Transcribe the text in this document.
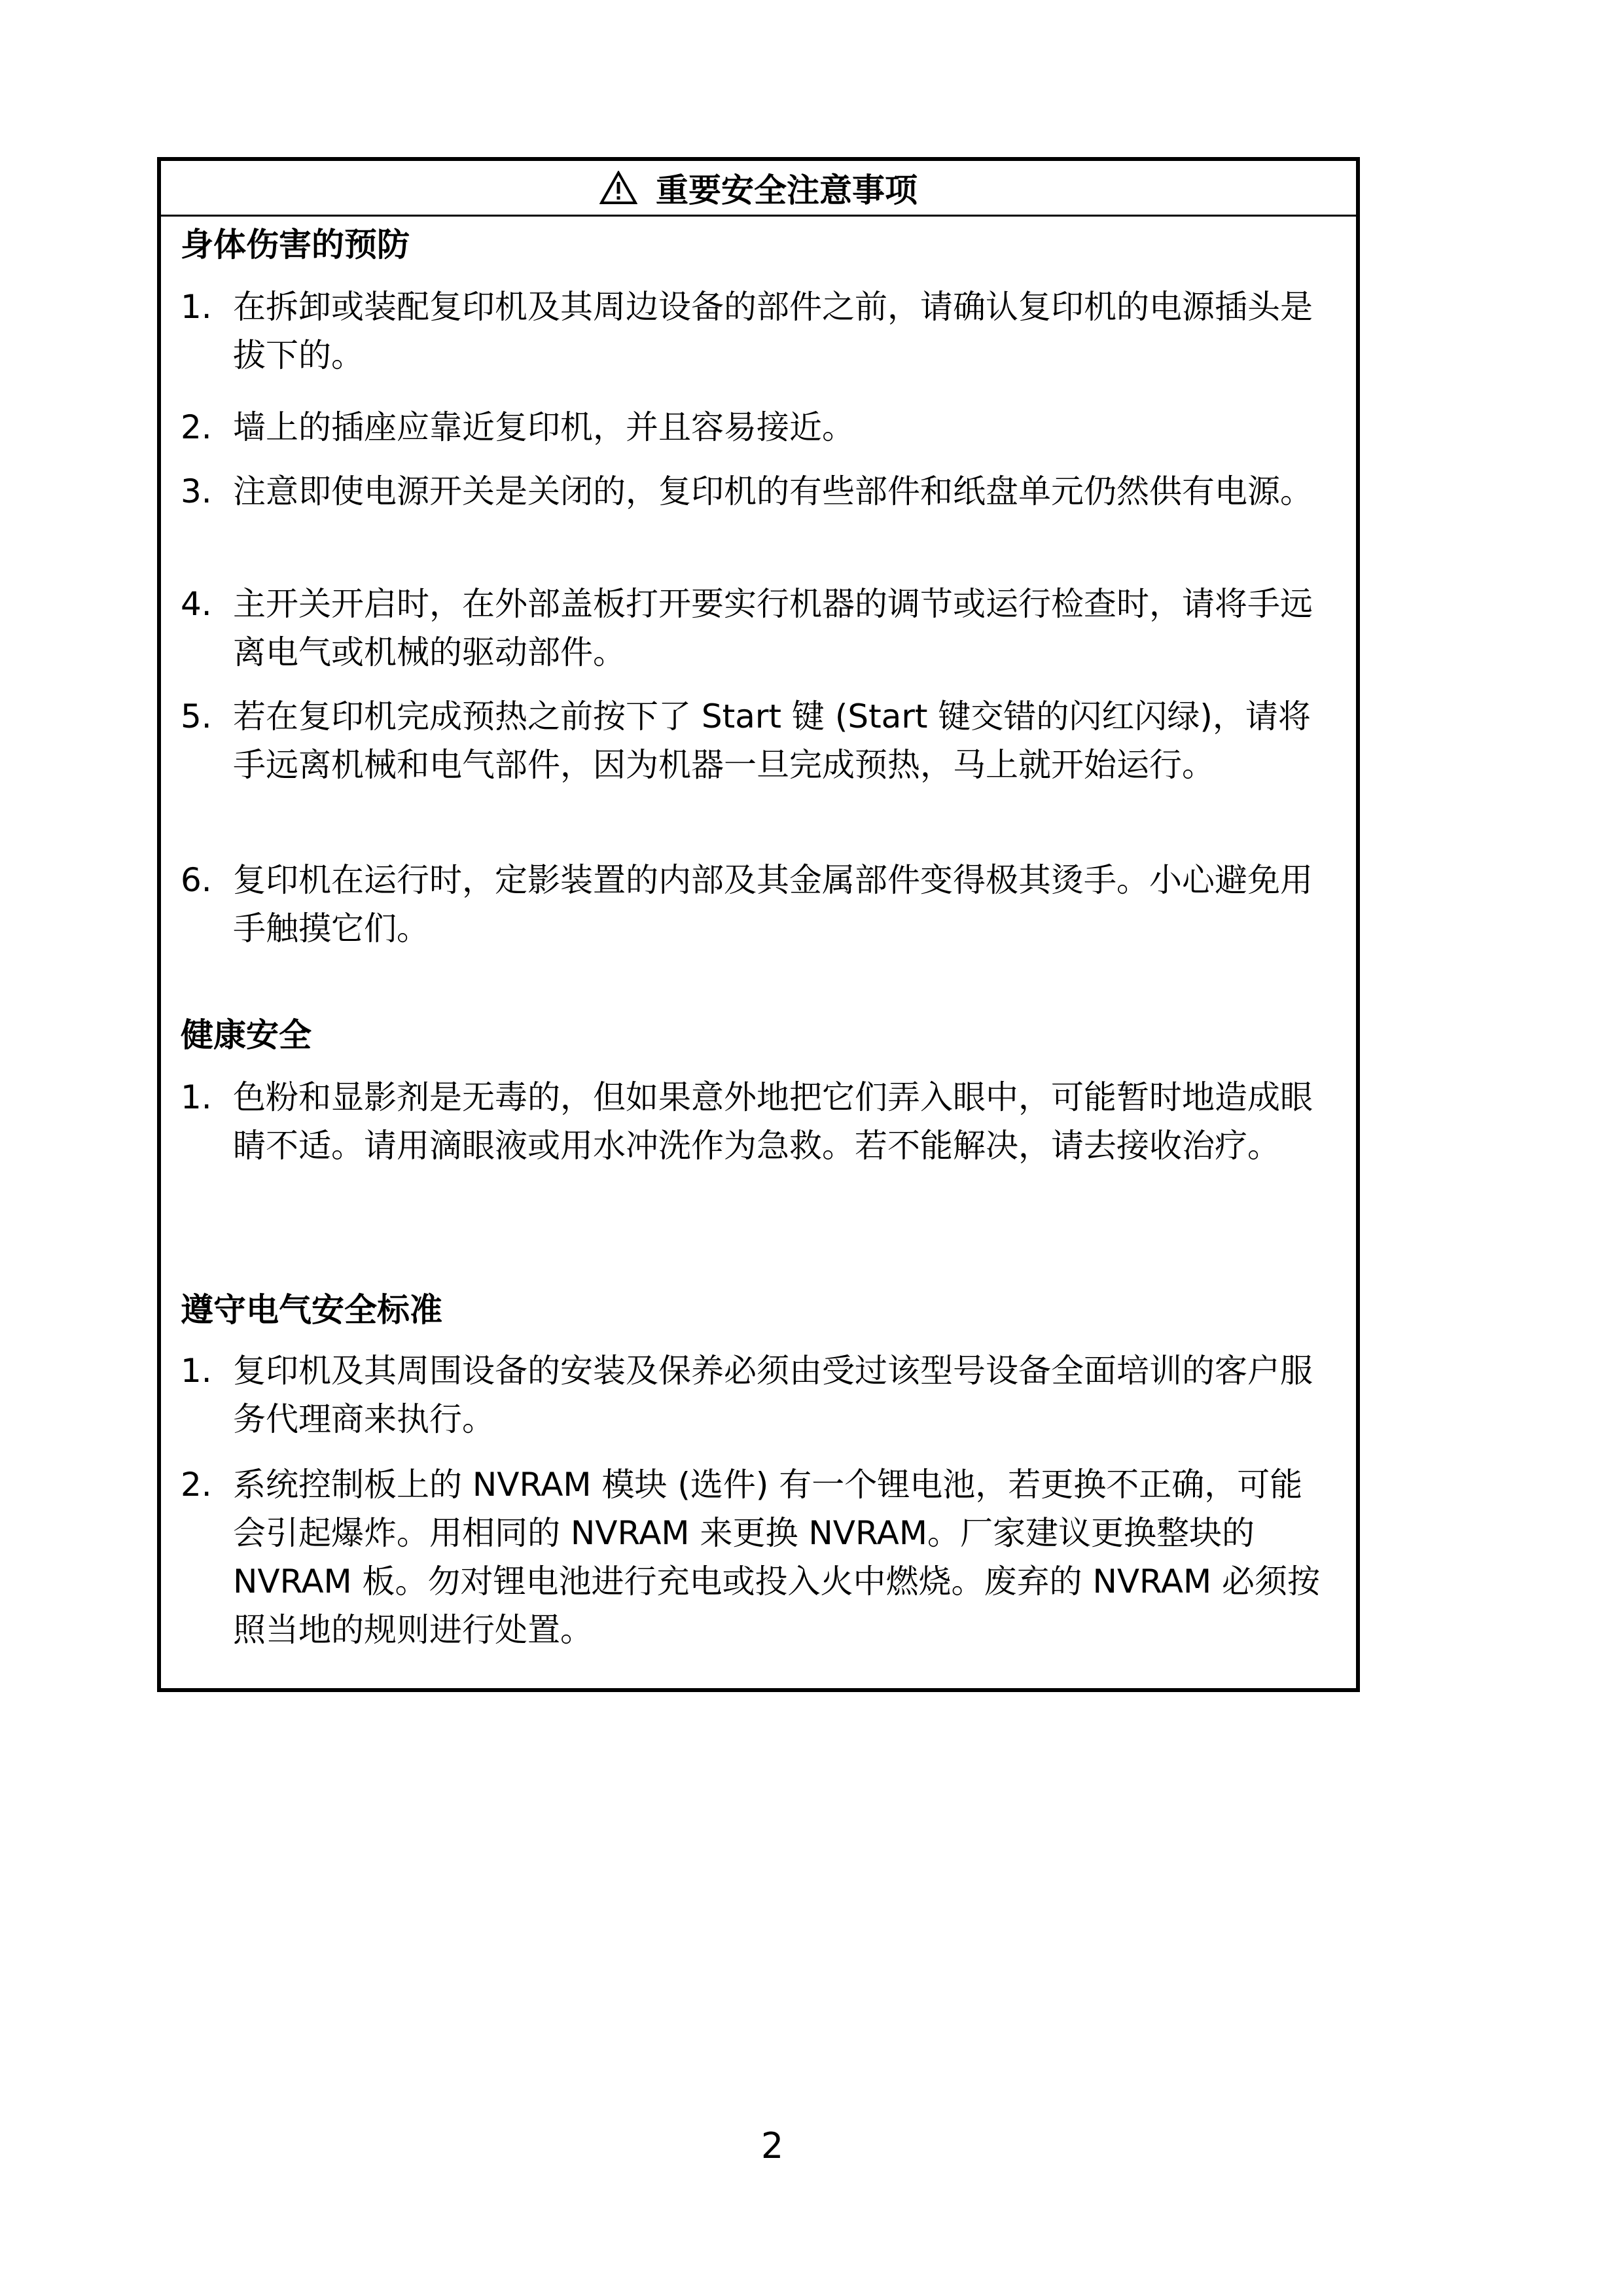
重要安全注意事项
身体伤害的预防
1. 在拆卸或装配复印机及其周边设备的部件之前，请确认复印机的电源插头是拔下的。
2. 墙上的插座应靠近复印机，并且容易接近。
3. 注意即使电源开关是关闭的，复印机的有些部件和纸盘单元仍然供有电源。
4. 主开关开启时，在外部盖板打开要实行机器的调节或运行检查时，请将手远离电气或机械的驱动部件。
5. 若在复印机完成预热之前按下了 Start 键 (Start 键交错的闪红闪绿)，请将手远离机械和电气部件，因为机器一旦完成预热，马上就开始运行。
6. 复印机在运行时，定影装置的内部及其金属部件变得极其烫手。小心避免用手触摸它们。
健康安全
1. 色粉和显影剂是无毒的，但如果意外地把它们弄入眼中，可能暂时地造成眼睛不适。请用滴眼液或用水冲洗作为急救。若不能解决，请去接收治疗。
遵守电气安全标准
1. 复印机及其周围设备的安装及保养必须由受过该型号设备全面培训的客户服务代理商来执行。
2. 系统控制板上的 NVRAM 模块 (选件) 有一个锂电池，若更换不正确，可能会引起爆炸。用相同的 NVRAM 来更换 NVRAM。厂家建议更换整块的 NVRAM 板。勿对锂电池进行充电或投入火中燃烧。废弃的 NVRAM 必须按照当地的规则进行处置。
2
